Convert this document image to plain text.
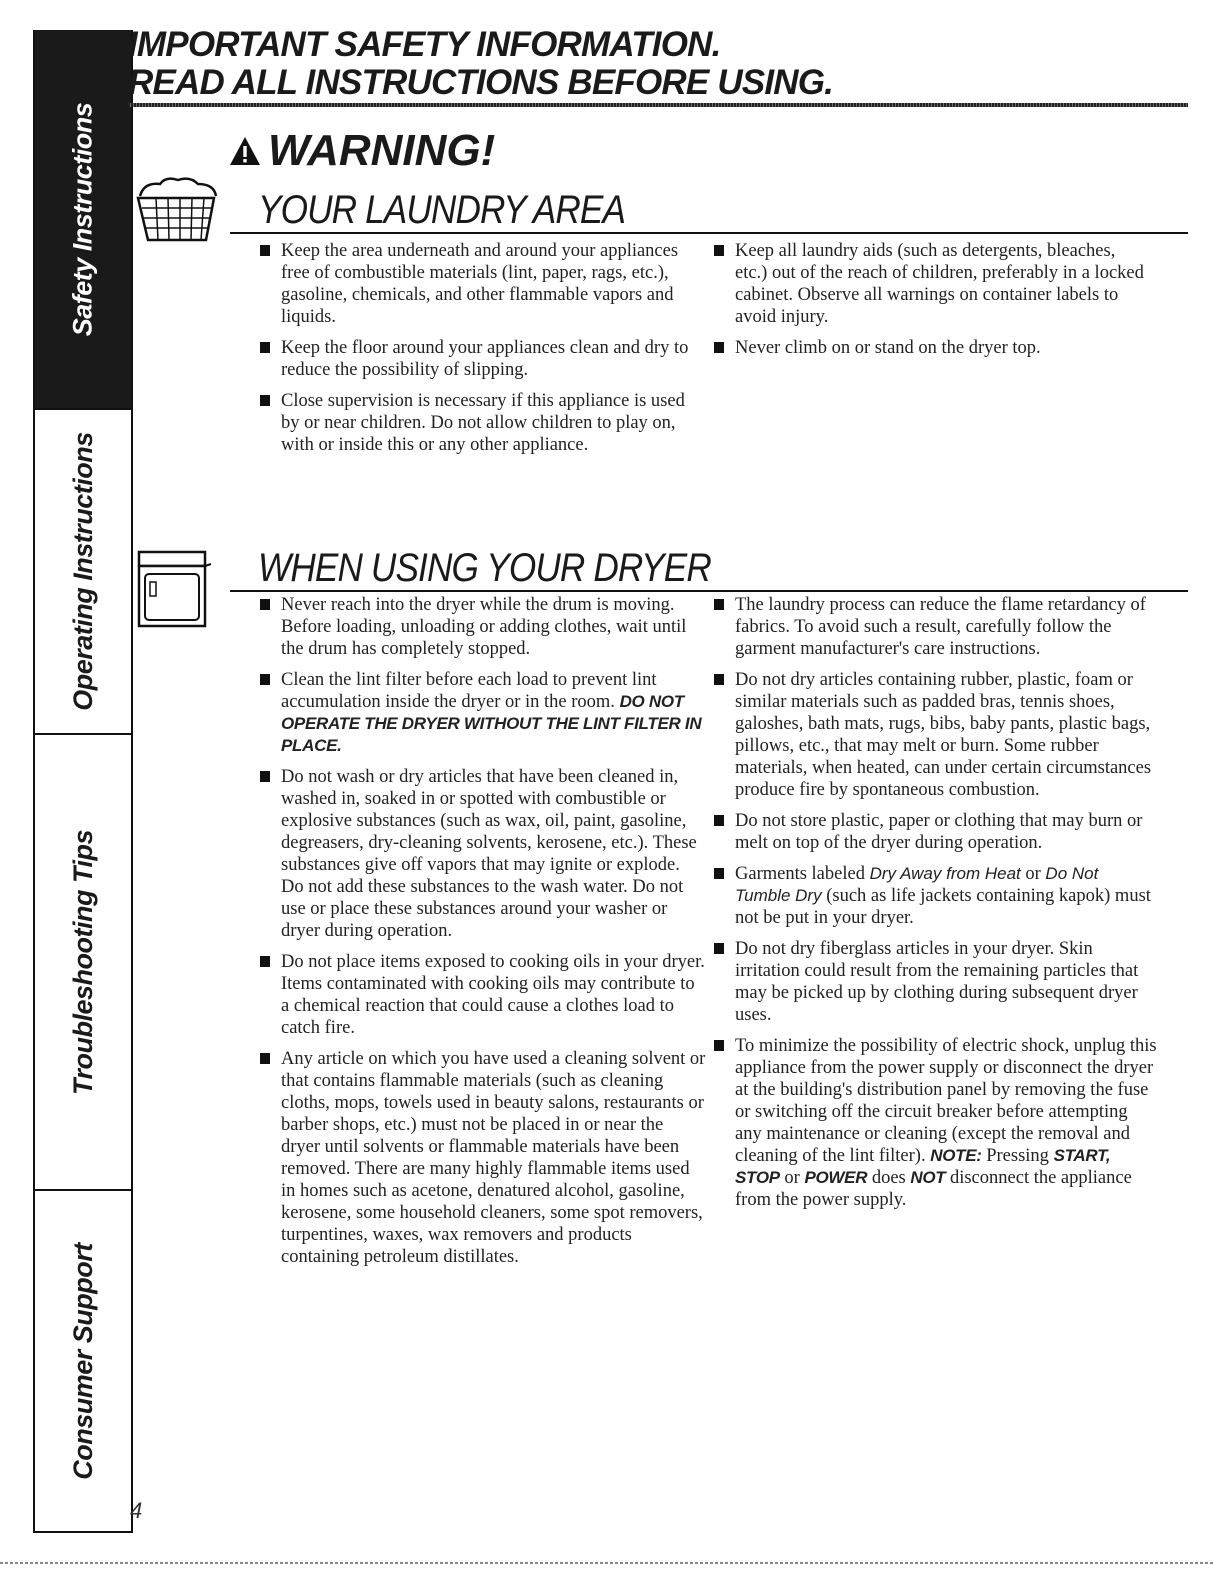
Safety Instructions
Operating Instructions
Troubleshooting Tips
Consumer Support
IMPORTANT SAFETY INFORMATION.
READ ALL INSTRUCTIONS BEFORE USING.
WARNING!
YOUR LAUNDRY AREA

Keep the area underneath and around your appliances free of combustible materials (lint, paper, rags, etc.), gasoline, chemicals, and other flammable vapors and liquids.

Keep the floor around your appliances clean and dry to reduce the possibility of slipping.

Close supervision is necessary if this appliance is used by or near children. Do not allow children to play on, with or inside this or any other appliance.

Keep all laundry aids (such as detergents, bleaches, etc.) out of the reach of children, preferably in a locked cabinet. Observe all warnings on container labels to avoid injury.

Never climb on or stand on the dryer top.

WHEN USING YOUR DRYER

Never reach into the dryer while the drum is moving. Before loading, unloading or adding clothes, wait until the drum has completely stopped.

Clean the lint filter before each load to prevent lint accumulation inside the dryer or in the room. DO NOT OPERATE THE DRYER WITHOUT THE LINT FILTER IN PLACE.

Do not wash or dry articles that have been cleaned in, washed in, soaked in or spotted with combustible or explosive substances (such as wax, oil, paint, gasoline, degreasers, dry-cleaning solvents, kerosene, etc.). These substances give off vapors that may ignite or explode. Do not add these substances to the wash water. Do not use or place these substances around your washer or dryer during operation.

Do not place items exposed to cooking oils in your dryer. Items contaminated with cooking oils may contribute to a chemical reaction that could cause a clothes load to catch fire.

Any article on which you have used a cleaning solvent or that contains flammable materials (such as cleaning cloths, mops, towels used in beauty salons, restaurants or barber shops, etc.) must not be placed in or near the dryer until solvents or flammable materials have been removed. There are many highly flammable items used in homes such as acetone, denatured alcohol, gasoline, kerosene, some household cleaners, some spot removers, turpentines, waxes, wax removers and products containing petroleum distillates.

The laundry process can reduce the flame retardancy of fabrics. To avoid such a result, carefully follow the garment manufacturer's care instructions.

Do not dry articles containing rubber, plastic, foam or similar materials such as padded bras, tennis shoes, galoshes, bath mats, rugs, bibs, baby pants, plastic bags, pillows, etc., that may melt or burn. Some rubber materials, when heated, can under certain circumstances produce fire by spontaneous combustion.

Do not store plastic, paper or clothing that may burn or melt on top of the dryer during operation.

Garments labeled Dry Away from Heat or Do Not Tumble Dry (such as life jackets containing kapok) must not be put in your dryer.

Do not dry fiberglass articles in your dryer. Skin irritation could result from the remaining particles that may be picked up by clothing during subsequent dryer uses.

To minimize the possibility of electric shock, unplug this appliance from the power supply or disconnect the dryer at the building's distribution panel by removing the fuse or switching off the circuit breaker before attempting any maintenance or cleaning (except the removal and cleaning of the lint filter). NOTE: Pressing START, STOP or POWER does NOT disconnect the appliance from the power supply.

4
